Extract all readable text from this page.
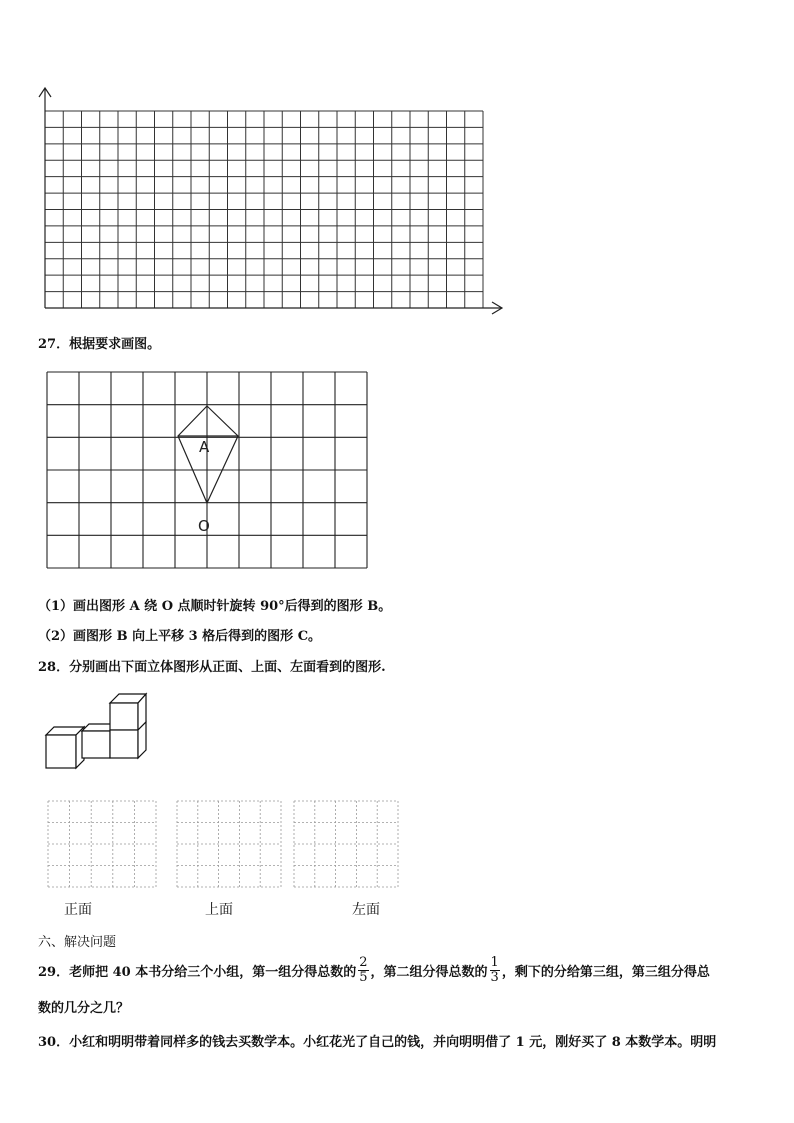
27．根据要求画图。
A
O
（1）画出图形 A 绕 O 点顺时针旋转 90°后得到的图形 B。
（2）画图形 B 向上平移 3 格后得到的图形 C。
28．分别画出下面立体图形从正面、上面、左面看到的图形.
正面	上面	左面
六、解决问题
29．老师把 40 本书分给三个小组，第一组分得总数的 $\frac{2}{5}$ ，第二组分得总数的 $\frac{1}{3}$ ，剩下的分给第三组，第三组分得总
数的几分之几？
30．小红和明明带着同样多的钱去买数学本。小红花光了自己的钱，并向明明借了 1 元，刚好买了 8 本数学本。明明
